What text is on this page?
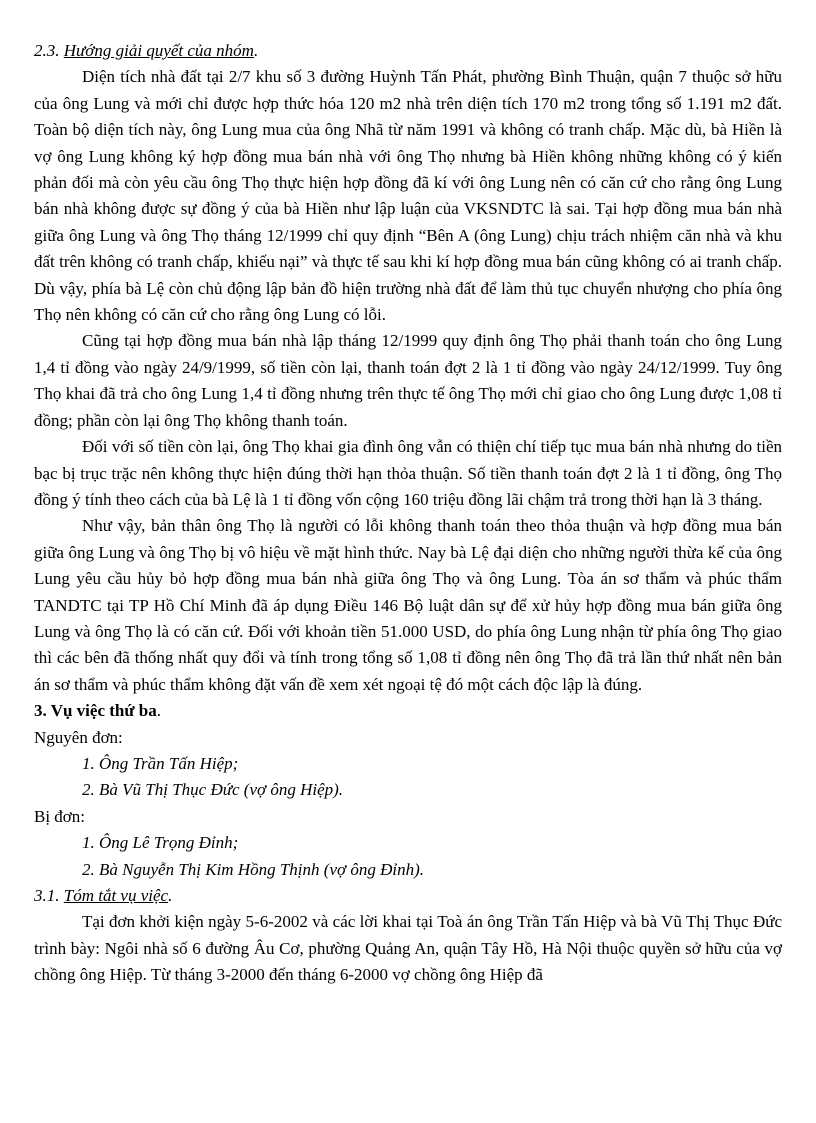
2.3. Hướng giải quyết của nhóm.

Diện tích nhà đất tại 2/7 khu số 3 đường Huỳnh Tấn Phát, phường Bình Thuận, quận 7 thuộc sở hữu của ông Lung và mới chỉ được hợp thức hóa 120 m2 nhà trên diện tích 170 m2 trong tổng số 1.191 m2 đất. Toàn bộ diện tích này, ông Lung mua của ông Nhã từ năm 1991 và không có tranh chấp. Mặc dù, bà Hiền là vợ ông Lung không ký hợp đồng mua bán nhà với ông Thọ nhưng bà Hiền không những không có ý kiến phản đối mà còn yêu cầu ông Thọ thực hiện hợp đồng đã kí với ông Lung nên có căn cứ cho rằng ông Lung bán nhà không được sự đồng ý của bà Hiền như lập luận của VKSNDTC là sai. Tại hợp đồng mua bán nhà giữa ông Lung và ông Thọ tháng 12/1999 chỉ quy định “Bên A (ông Lung) chịu trách nhiệm căn nhà và khu đất trên không có tranh chấp, khiếu nại” và thực tế sau khi kí hợp đồng mua bán cũng không có ai tranh chấp. Dù vậy, phía bà Lệ còn chủ động lập bản đồ hiện trường nhà đất để làm thủ tục chuyển nhượng cho phía ông Thọ nên không có căn cứ cho rằng ông Lung có lỗi.

Cũng tại hợp đồng mua bán nhà lập tháng 12/1999 quy định ông Thọ phải thanh toán cho ông Lung 1,4 tỉ đồng vào ngày 24/9/1999, số tiền còn lại, thanh toán đợt 2 là 1 tỉ đồng vào ngày 24/12/1999. Tuy ông Thọ khai đã trả cho ông Lung 1,4 tỉ đồng nhưng trên thực tế ông Thọ mới chỉ giao cho ông Lung được 1,08 tỉ đồng; phần còn lại ông Thọ không thanh toán.

Đối với số tiền còn lại, ông Thọ khai gia đình ông vẫn có thiện chí tiếp tục mua bán nhà nhưng do tiền bạc bị trục trặc nên không thực hiện đúng thời hạn thỏa thuận. Số tiền thanh toán đợt 2 là 1 tỉ đồng, ông Thọ đồng ý tính theo cách của bà Lệ là 1 tỉ đồng vốn cộng 160 triệu đồng lãi chậm trả trong thời hạn là 3 tháng.

Như vậy, bản thân ông Thọ là người có lỗi không thanh toán theo thỏa thuận và hợp đồng mua bán giữa ông Lung và ông Thọ bị vô hiệu về mặt hình thức. Nay bà Lệ đại diện cho những người thừa kế của ông Lung yêu cầu hủy bỏ hợp đồng mua bán nhà giữa ông Thọ và ông Lung. Tòa án sơ thẩm và phúc thẩm TANDTC tại TP Hồ Chí Minh đã áp dụng Điều 146 Bộ luật dân sự để xử hủy hợp đồng mua bán giữa ông Lung và ông Thọ là có căn cứ. Đối với khoản tiền 51.000 USD, do phía ông Lung nhận từ phía ông Thọ giao thì các bên đã thống nhất quy đổi và tính trong tổng số 1,08 tỉ đồng nên ông Thọ đã trả lần thứ nhất nên bản án sơ thẩm và phúc thẩm không đặt vấn đề xem xét ngoại tệ đó một cách độc lập là đúng.

3. Vụ việc thứ ba.

Nguyên đơn:

1. Ông Trần Tấn Hiệp;

2. Bà Vũ Thị Thục Đức (vợ ông Hiệp).

Bị đơn:

1. Ông Lê Trọng Đỉnh;

2. Bà Nguyễn Thị Kim Hồng Thịnh (vợ ông Đỉnh).

3.1. Tóm tắt vụ việc.

Tại đơn khởi kiện ngày 5-6-2002 và các lời khai tại Toà án ông Trần Tấn Hiệp và bà Vũ Thị Thục Đức trình bày: Ngôi nhà số 6 đường Âu Cơ, phường Quảng An, quận Tây Hồ, Hà Nội thuộc quyền sở hữu của vợ chồng ông Hiệp. Từ tháng 3-2000 đến tháng 6-2000 vợ chồng ông Hiệp đã
